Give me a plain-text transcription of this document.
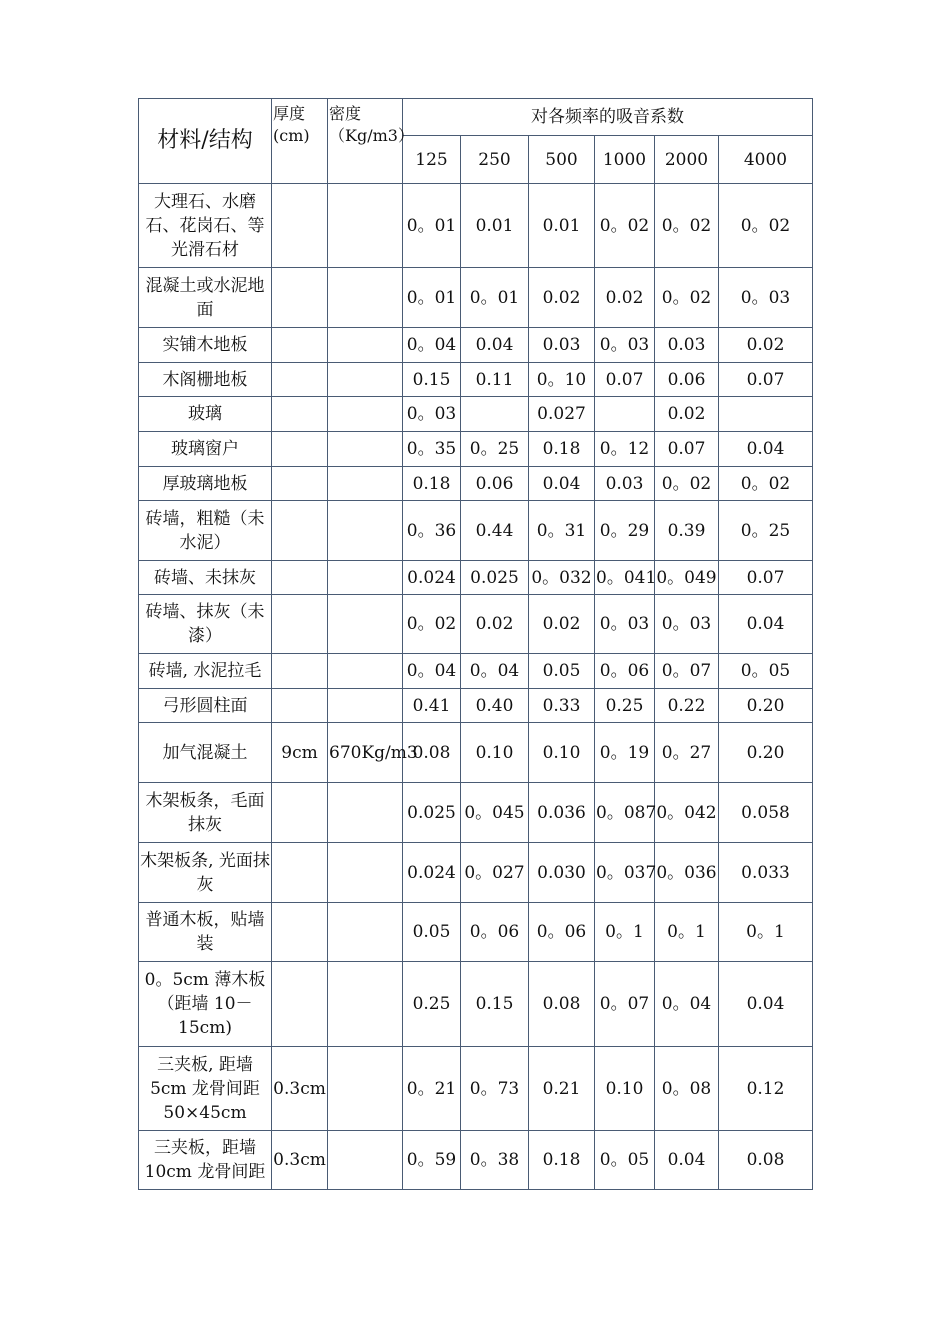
材料/结构	厚度(cm)	密度（Kg/m3）	对各频率的吸音系数					
			125	250	500	1000	2000	4000
大理石、水磨石、花岗石、等光滑石材			0。01	0.01	0.01	0。02	0。02	0。02
混凝土或水泥地面			0。01	0。01	0.02	0.02	0。02	0。03
实铺木地板			0。04	0.04	0.03	0。03	0.03	0.02
木阁栅地板			0.15	0.11	0。10	0.07	0.06	0.07
玻璃			0。03		0.027		0.02	
玻璃窗户			0。35	0。25	0.18	0。12	0.07	0.04
厚玻璃地板			0.18	0.06	0.04	0.03	0。02	0。02
砖墙，粗糙（未水泥）			0。36	0.44	0。31	0。29	0.39	0。25
砖墙、未抹灰			0.024	0.025	0。032	0。041	0。049	0.07
砖墙、抹灰（未漆）			0。02	0.02	0.02	0。03	0。03	0.04
砖墙, 水泥拉毛			0。04	0。04	0.05	0。06	0。07	0。05
弓形圆柱面			0.41	0.40	0.33	0.25	0.22	0.20
加气混凝土	9cm	670Kg/m3	0.08	0.10	0.10	0。19	0。27	0.20
木架板条，毛面抹灰			0.025	0。045	0.036	0。087	0。042	0.058
木架板条, 光面抹灰			0.024	0。027	0.030	0。037	0。036	0.033
普通木板，贴墙装			0.05	0。06	0。06	0。1	0。1	0。1
0。5cm 薄木板（距墙 10－15cm)			0.25	0.15	0.08	0。07	0。04	0.04
三夹板, 距墙5cm 龙骨间距50×45cm	0.3cm		0。21	0。73	0.21	0.10	0。08	0.12
三夹板，距墙10cm 龙骨间距	0.3cm		0。59	0。38	0.18	0。05	0.04	0.08
